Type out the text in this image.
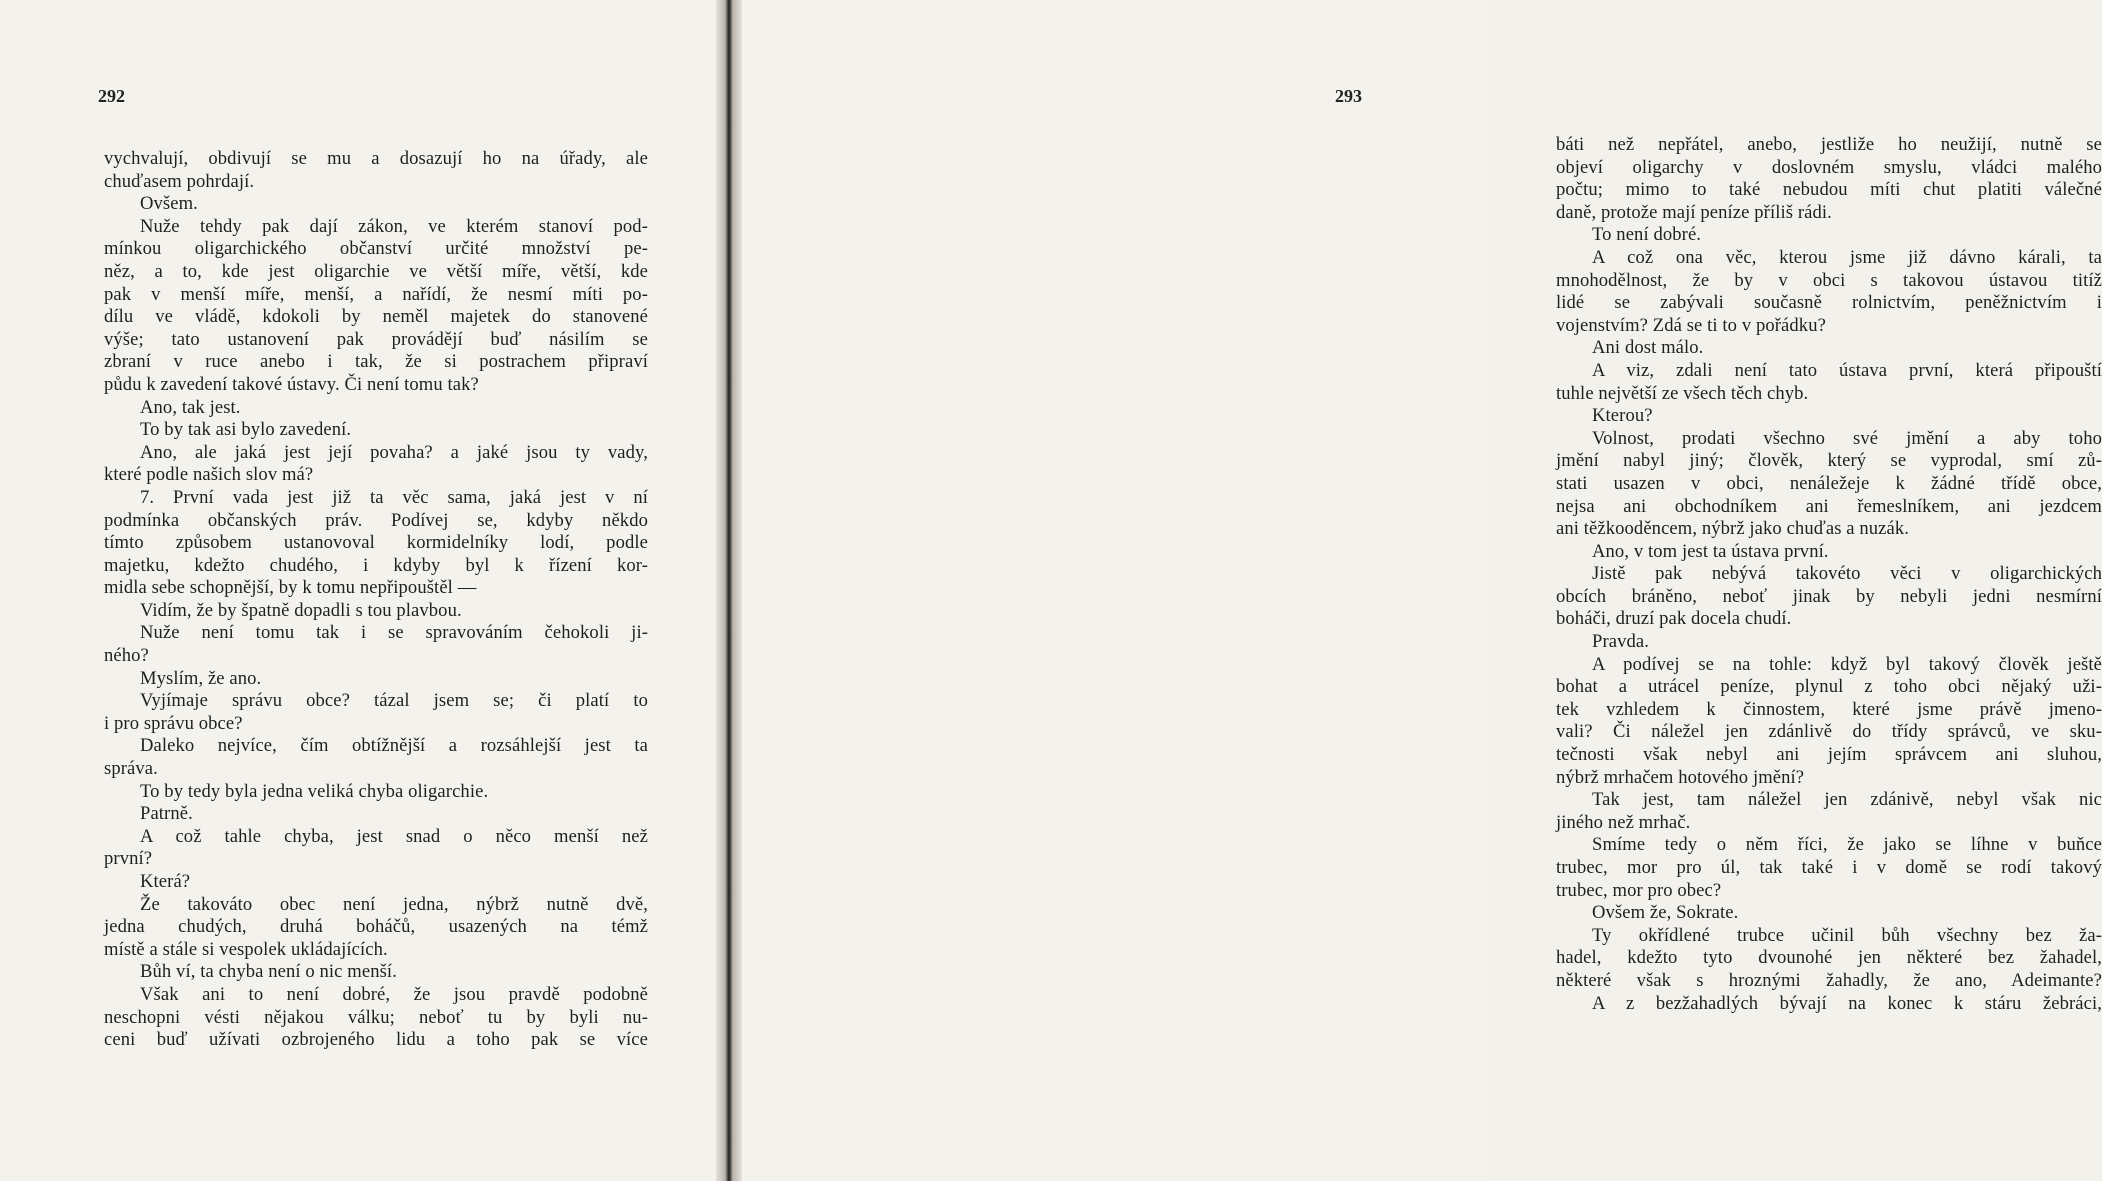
292
vychvalují, obdivují se mu a dosazují ho na úřady, ale
chuďasem pohrdají.
Ovšem.
Nuže tehdy pak dají zákon, ve kterém stanoví pod-
mínkou oligarchického občanství určité množství pe-
něz, a to, kde jest oligarchie ve větší míře, větší, kde
pak v menší míře, menší, a nařídí, že nesmí míti po-
dílu ve vládě, kdokoli by neměl majetek do stanovené
výše; tato ustanovení pak provádějí buď násilím se
zbraní v ruce anebo i tak, že si postrachem připraví
půdu k zavedení takové ústavy. Či není tomu tak?
Ano, tak jest.
To by tak asi bylo zavedení.
Ano, ale jaká jest její povaha? a jaké jsou ty vady,
které podle našich slov má?
7. První vada jest již ta věc sama, jaká jest v ní
podmínka občanských práv. Podívej se, kdyby někdo
tímto způsobem ustanovoval kormidelníky lodí, podle
majetku, kdežto chudého, i kdyby byl k řízení kor-
midla sebe schopnější, by k tomu nepřipouštěl —
Vidím, že by špatně dopadli s tou plavbou.
Nuže není tomu tak i se spravováním čehokoli ji-
ného?
Myslím, že ano.
Vyjímaje správu obce? tázal jsem se; či platí to
i pro správu obce?
Daleko nejvíce, čím obtížnější a rozsáhlejší jest ta
správa.
To by tedy byla jedna veliká chyba oligarchie.
Patrně.
A což tahle chyba, jest snad o něco menší než
první?
Která?
Že takováto obec není jedna, nýbrž nutně dvě,
jedna chudých, druhá boháčů, usazených na témž
místě a stále si vespolek ukládajících.
Bůh ví, ta chyba není o nic menší.
Však ani to není dobré, že jsou pravdě podobně
neschopni vésti nějakou válku; neboť tu by byli nu-
ceni buď užívati ozbrojeného lidu a toho pak se více
báti než nepřátel, anebo, jestliže ho neužijí, nutně se
objeví oligarchy v doslovném smyslu, vládci malého
počtu; mimo to také nebudou míti chut platiti válečné
daně, protože mají peníze příliš rádi.
To není dobré.
A což ona věc, kterou jsme již dávno kárali, ta
mnohodělnost, že by v obci s takovou ústavou titíž
lidé se zabývali současně rolnictvím, peněžnictvím i
vojenstvím? Zdá se ti to v pořádku?
Ani dost málo.
A viz, zdali není tato ústava první, která připouští
tuhle největší ze všech těch chyb.
Kterou?
Volnost, prodati všechno své jmění a aby toho
jmění nabyl jiný; člověk, který se vyprodal, smí zů-
stati usazen v obci, nenáležeje k žádné třídě obce,
nejsa ani obchodníkem ani řemeslníkem, ani jezdcem
ani těžkooděncem, nýbrž jako chuďas a nuzák.
Ano, v tom jest ta ústava první.
Jistě pak nebývá takovéto věci v oligarchických
obcích bráněno, neboť jinak by nebyli jedni nesmírní
boháči, druzí pak docela chudí.
Pravda.
A podívej se na tohle: když byl takový člověk ještě
bohat a utrácel peníze, plynul z toho obci nějaký uži-
tek vzhledem k činnostem, které jsme právě jmeno-
vali? Či náležel jen zdánlivě do třídy správců, ve sku-
tečnosti však nebyl ani jejím správcem ani sluhou,
nýbrž mrhačem hotového jmění?
Tak jest, tam náležel jen zdánivě, nebyl však nic
jiného než mrhač.
Smíme tedy o něm říci, že jako se líhne v buňce
trubec, mor pro úl, tak také i v domě se rodí takový
trubec, mor pro obec?
Ovšem že, Sokrate.
Ty okřídlené trubce učinil bůh všechny bez ža-
hadel, kdežto tyto dvounohé jen některé bez žahadel,
některé však s hroznými žahadly, že ano, Adeimante?
A z bezžahadlých bývají na konec k stáru žebráci,
293
